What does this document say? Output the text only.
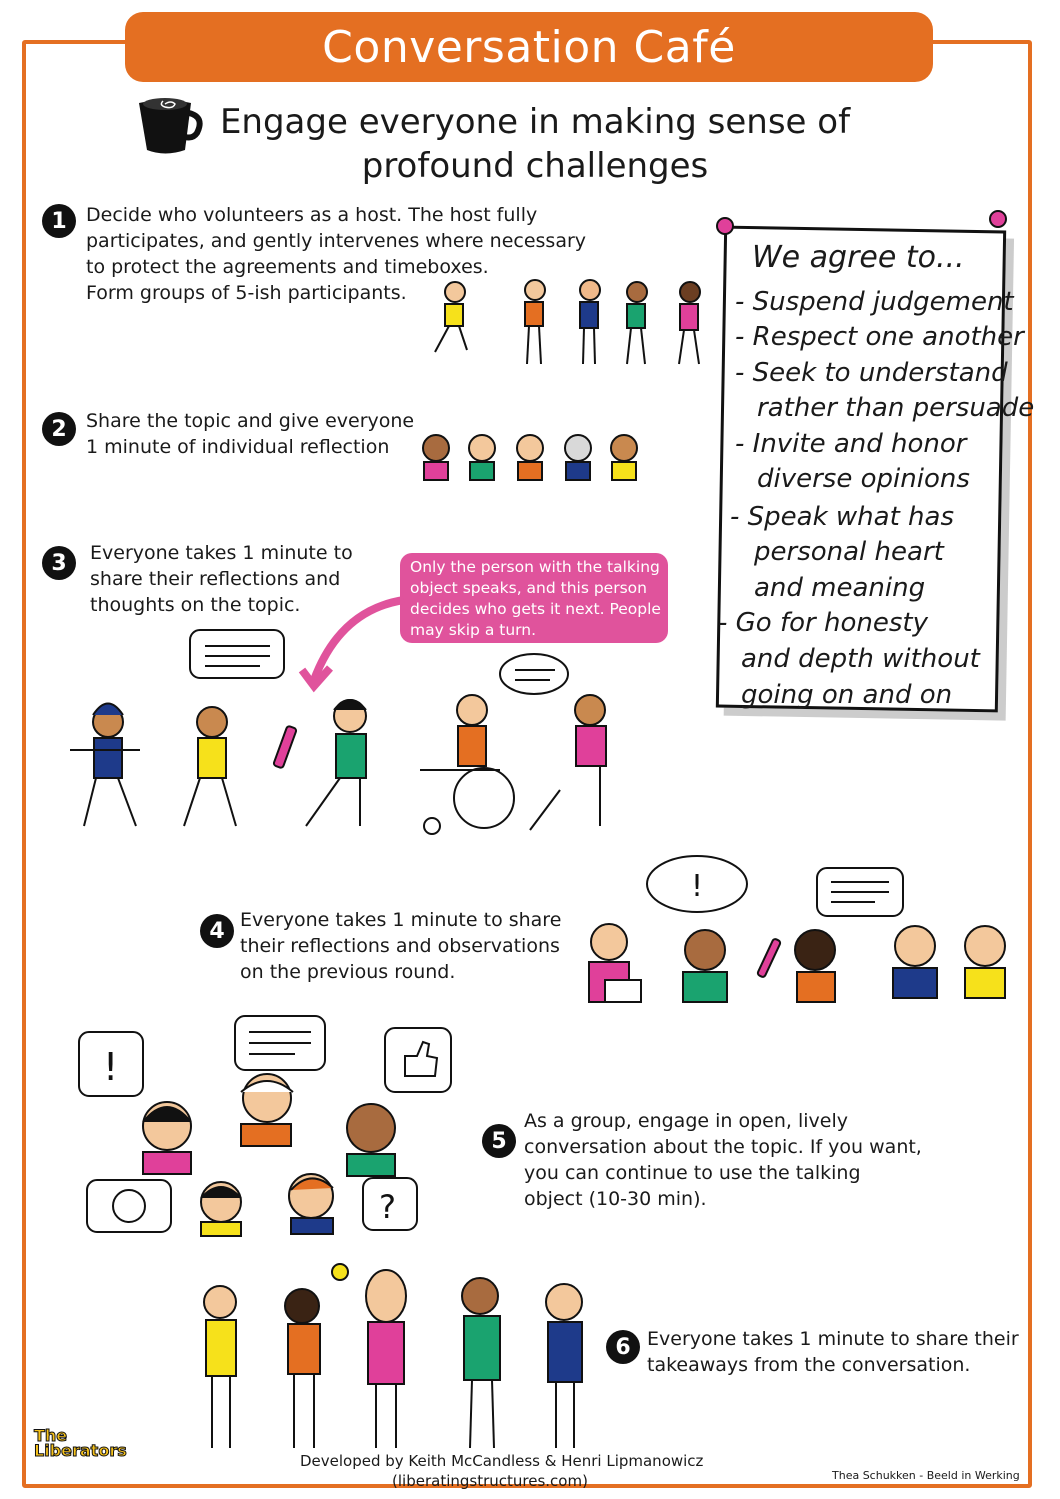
Conversation Café
Engage everyone in making sense of
profound challenges
1	Decide who volunteers as a host. The host fully
participates, and gently intervenes where necessary
to protect the agreements and timeboxes.
Form groups of 5-ish participants.
2	Share the topic and give everyone
1 minute of individual reflection
3	Everyone takes 1 minute to
share their reflections and
thoughts on the topic.
Only the person with the talking
object speaks, and this person
decides who gets it next. People
may skip a turn.
We agree to...
- Suspend judgement
- Respect one another
- Seek to understand
rather than persuade
- Invite and honor
diverse opinions
- Speak what has
personal heart
and meaning
- Go for honesty
and depth without
going on and on
4 Everyone takes 1 minute to share
their reflections and observations
on the previous round.
!
5
As a group, engage in open, lively
conversation about the topic. If you want,
you can continue to use the talking
object (10-30 min).
!
?
6 Everyone takes 1 minute to share their
takeaways from the conversation.
The
Liberators
Developed by Keith McCandless & Henri Lipmanowicz
(liberatingstructures.com)	Thea Schukken - Beeld in Werking
